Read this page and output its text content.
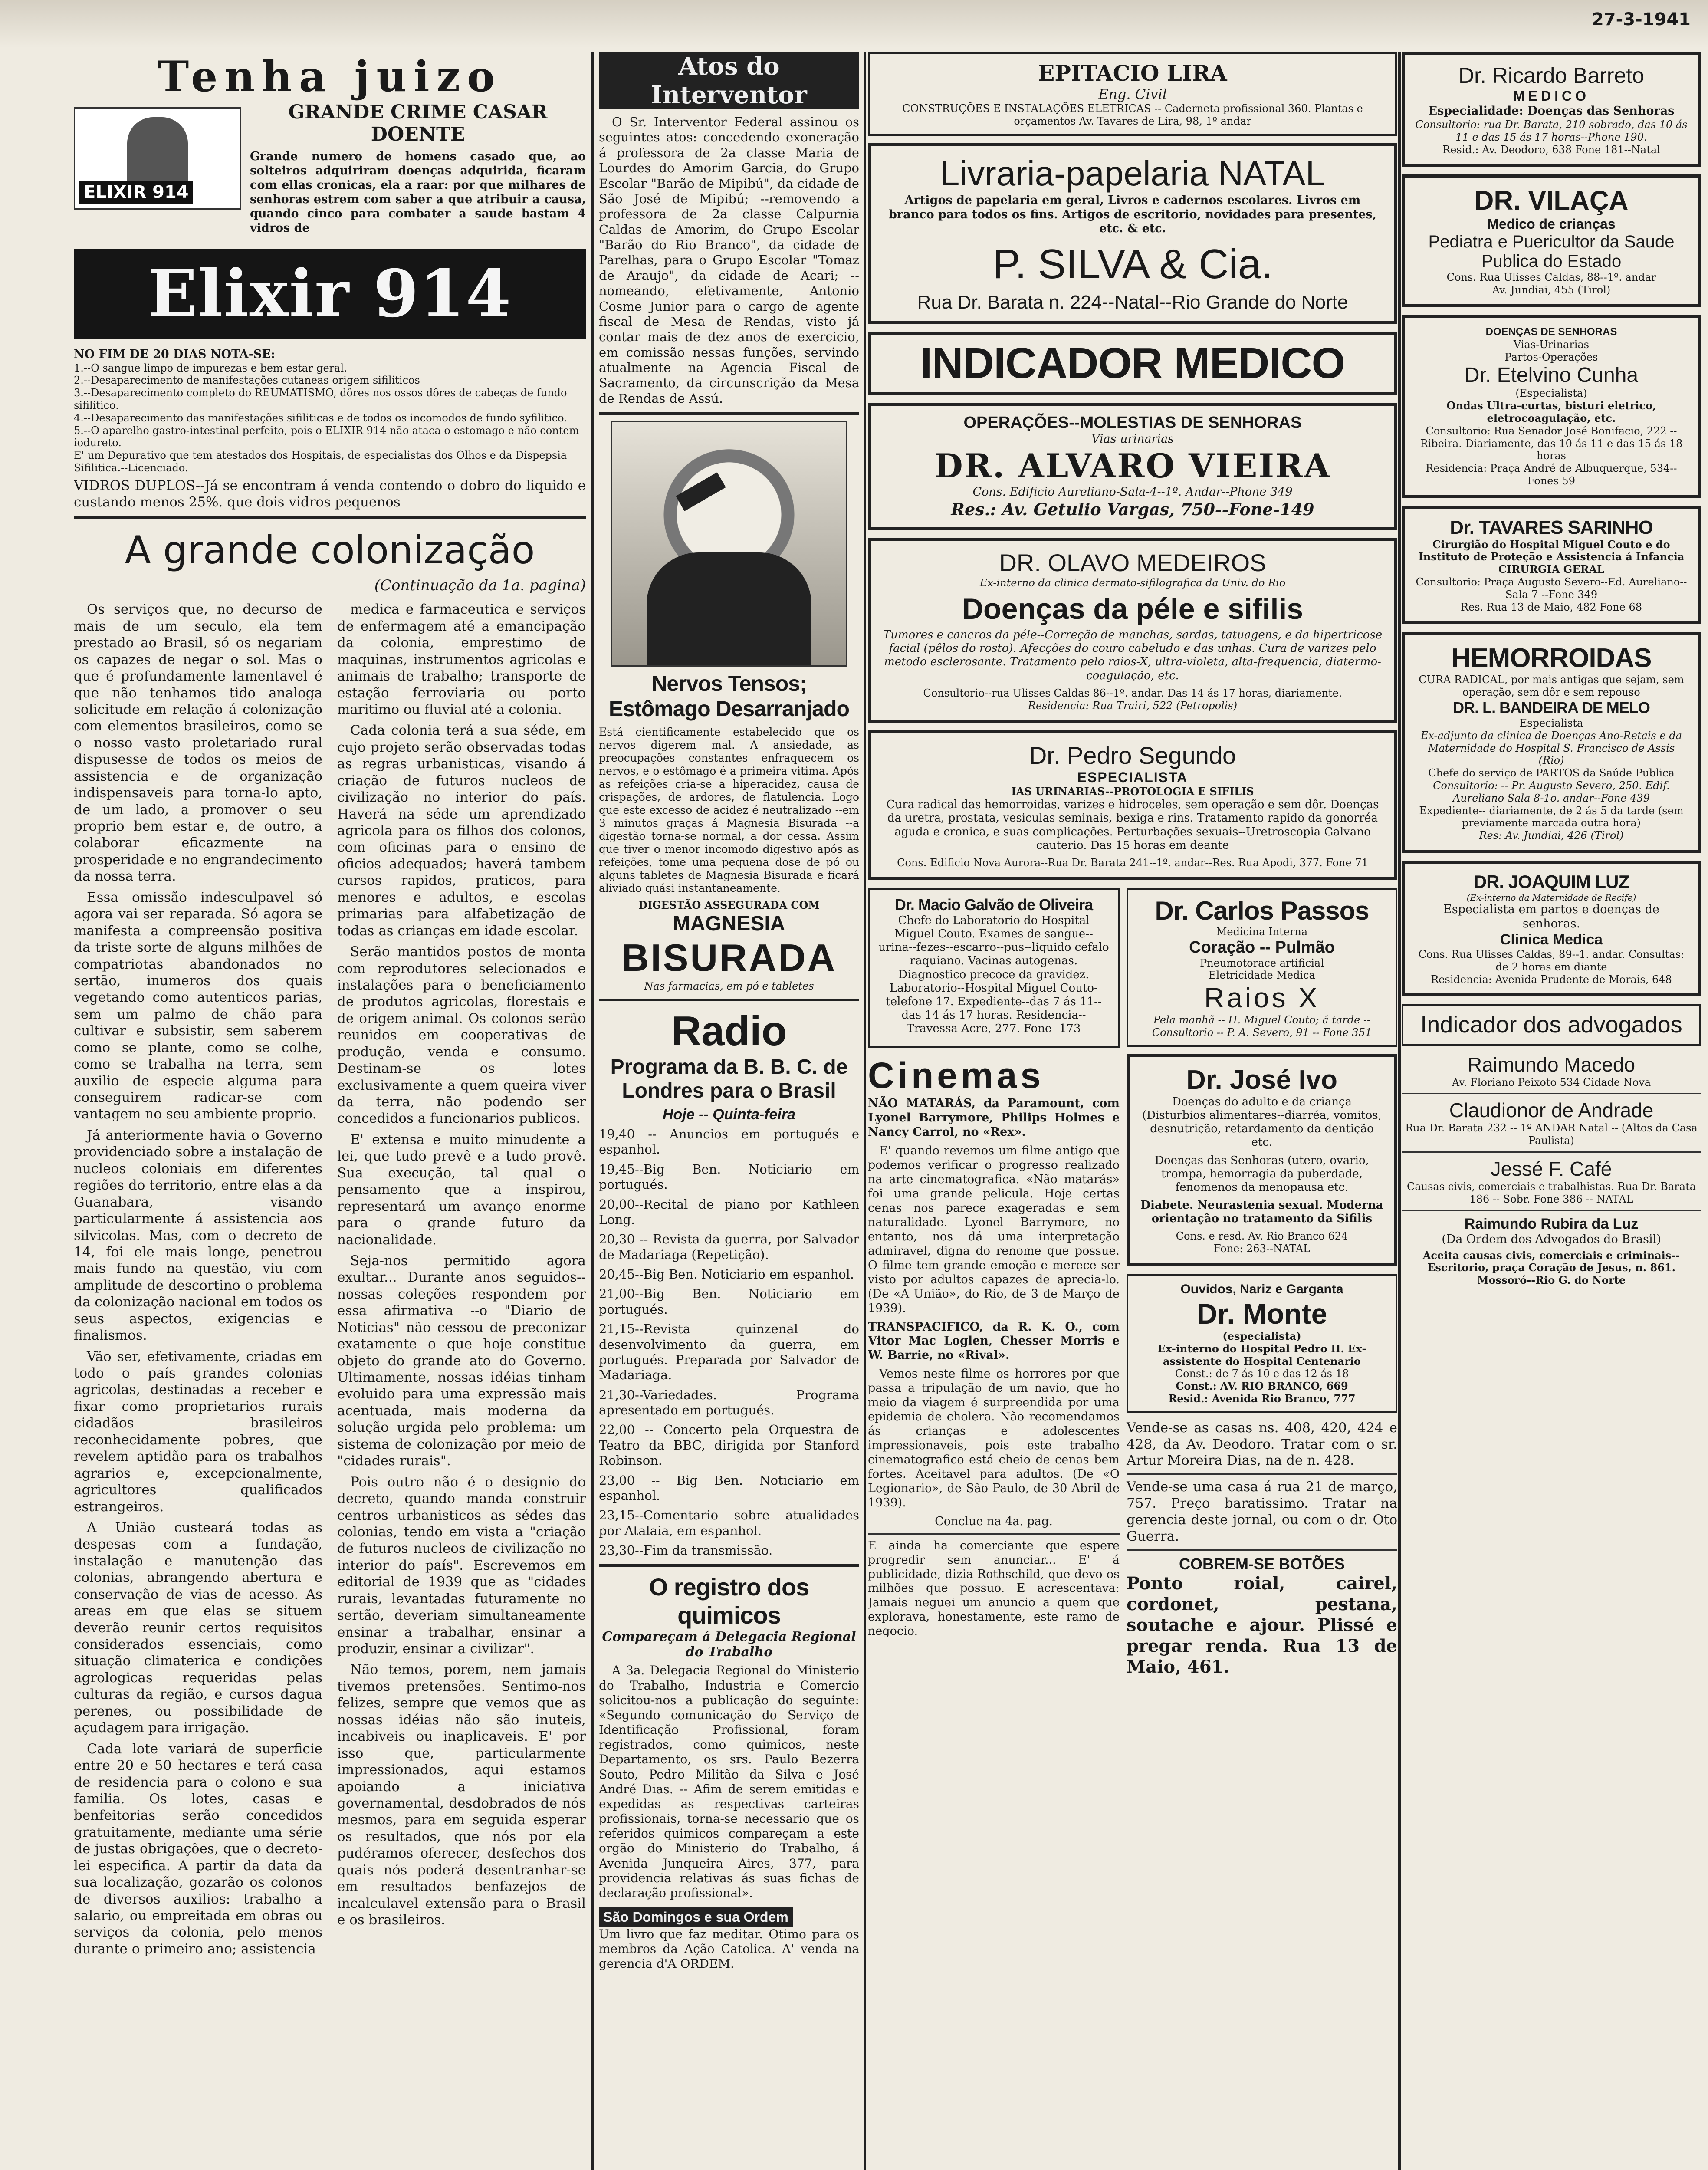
27-3-1941
Tenha juizo
ELIXIR 914
GRANDE CRIME CASAR
DOENTE

Grande numero de homens casado que, ao solteiros adquiriram doenças adquirida, ficaram com ellas cronicas, ela a raar: por que milhares de senhoras estrem com saber a que atribuir a causa, quando cinco para combater a saude bastam 4 vidros de

Elixir 914
NO FIM DE 20 DIAS NOTA-SE:
1.--O sangue limpo de impurezas e bem estar geral.
2.--Desaparecimento de manifestações cutaneas origem sifiliticos
3.--Desaparecimento completo do REUMATISMO, dôres nos ossos dôres de cabeças de fundo sifilitico.
4.--Desaparecimento das manifestações sifiliticas e de todos os incomodos de fundo syfilitico.
5.--O aparelho gastro-intestinal perfeito, pois o ELIXIR 914 não ataca o estomago e não contem iodureto.
E' um Depurativo que tem atestados dos Hospitais, de especialistas dos Olhos e da Dispepsia Sifilitica.--Licenciado.

VIDROS DUPLOS--Já se encontram á venda contendo o dobro do liquido e custando menos 25%. que dois vidros pequenos

A grande colonização
(Continuação da 1a. pagina)

Os serviços que, no decurso de mais de um seculo, ela tem prestado ao Brasil, só os negariam os capazes de negar o sol. Mas o que é profundamente lamentavel é que não tenhamos tido analoga solicitude em relação á colonização com elementos brasileiros, como se o nosso vasto proletariado rural dispusesse de todos os meios de assistencia e de organização indispensaveis para torna-lo apto, de um lado, a promover o seu proprio bem estar e, de outro, a colaborar eficazmente na prosperidade e no engrandecimento da nossa terra.

Essa omissão indesculpavel só agora vai ser reparada. Só agora se manifesta a compreensão positiva da triste sorte de alguns milhões de compatriotas abandonados no sertão, inumeros dos quais vegetando como autenticos parias, sem um palmo de chão para cultivar e subsistir, sem saberem como se plante, como se colhe, como se trabalha na terra, sem auxilio de especie alguma para conseguirem radicar-se com vantagem no seu ambiente proprio.

Já anteriormente havia o Governo providenciado sobre a instalação de nucleos coloniais em diferentes regiões do territorio, entre elas a da Guanabara, visando particularmente á assistencia aos silvicolas. Mas, com o decreto de 14, foi ele mais longe, penetrou mais fundo na questão, viu com amplitude de descortino o problema da colonização nacional em todos os seus aspectos, exigencias e finalismos.

Vão ser, efetivamente, criadas em todo o país grandes colonias agricolas, destinadas a receber e fixar como proprietarios rurais cidadãos brasileiros reconhecidamente pobres, que revelem aptidão para os trabalhos agrarios e, excepcionalmente, agricultores qualificados estrangeiros.

A União custeará todas as despesas com a fundação, instalação e manutenção das colonias, abrangendo abertura e conservação de vias de acesso. As areas em que elas se situem deverão reunir certos requisitos considerados essenciais, como situação climaterica e condições agrologicas requeridas pelas culturas da região, e cursos dagua perenes, ou possibilidade de açudagem para irrigação.

Cada lote variará de superficie entre 20 e 50 hectares e terá casa de residencia para o colono e sua familia. Os lotes, casas e benfeitorias serão concedidos gratuitamente, mediante uma série de justas obrigações, que o decreto-lei especifica. A partir da data da sua localização, gozarão os colonos de diversos auxilios: trabalho a salario, ou empreitada em obras ou serviços da colonia, pelo menos durante o primeiro ano; assistencia

medica e farmaceutica e serviços de enfermagem até a emancipação da colonia, emprestimo de maquinas, instrumentos agricolas e animais de trabalho; transporte de estação ferroviaria ou porto maritimo ou fluvial até a colonia.

Cada colonia terá a sua séde, em cujo projeto serão observadas todas as regras urbanisticas, visando á criação de futuros nucleos de civilização no interior do país. Haverá na séde um aprendizado agricola para os filhos dos colonos, com oficinas para o ensino de oficios adequados; haverá tambem cursos rapidos, praticos, para menores e adultos, e escolas primarias para alfabetização de todas as crianças em idade escolar.

Serão mantidos postos de monta com reprodutores selecionados e instalações para o beneficiamento de produtos agricolas, florestais e de origem animal. Os colonos serão reunidos em cooperativas de produção, venda e consumo. Destinam-se os lotes exclusivamente a quem queira viver da terra, não podendo ser concedidos a funcionarios publicos.

E' extensa e muito minudente a lei, que tudo prevê e a tudo provê. Sua execução, tal qual o pensamento que a inspirou, representará um avanço enorme para o grande futuro da nacionalidade.

Seja-nos permitido agora exultar... Durante anos seguidos--nossas coleções respondem por essa afirmativa --o "Diario de Noticias" não cessou de preconizar exatamente o que hoje constitue objeto do grande ato do Governo. Ultimamente, nossas idéias tinham evoluido para uma expressão mais acentuada, mais moderna da solução urgida pelo problema: um sistema de colonização por meio de "cidades rurais".

Pois outro não é o designio do decreto, quando manda construir centros urbanisticos as sédes das colonias, tendo em vista a "criação de futuros nucleos de civilização no interior do país". Escrevemos em editorial de 1939 que as "cidades rurais, levantadas futuramente no sertão, deveriam simultaneamente ensinar a trabalhar, ensinar a produzir, ensinar a civilizar".

Não temos, porem, nem jamais tivemos pretensões. Sentimo-nos felizes, sempre que vemos que as nossas idéias não são inuteis, incabiveis ou inaplicaveis. E' por isso que, particularmente impressionados, aqui estamos apoiando a iniciativa governamental, desdobrados de nós mesmos, para em seguida esperar os resultados, que nós por ela pudéramos oferecer, desfechos dos quais nós poderá desentranhar-se em resultados benfazejos de incalculavel extensão para o Brasil e os brasileiros.

Atos do Interventor

O Sr. Interventor Federal assinou os seguintes atos: concedendo exoneração á professora de 2a classe Maria de Lourdes do Amorim Garcia, do Grupo Escolar "Barão de Mipibú", da cidade de São José de Mipibú; --removendo a professora de 2a classe Calpurnia Caldas de Amorim, do Grupo Escolar "Barão do Rio Branco", da cidade de Parelhas, para o Grupo Escolar "Tomaz de Araujo", da cidade de Acari; --nomeando, efetivamente, Antonio Cosme Junior para o cargo de agente fiscal de Mesa de Rendas, visto já contar mais de dez anos de exercicio, em comissão nessas funções, servindo atualmente na Agencia Fiscal de Sacramento, da circunscrição da Mesa de Rendas de Assú.

Nervos Tensos;
Estômago Desarranjado

Está cientificamente estabelecido que os nervos digerem mal. A ansiedade, as preocupações constantes enfraquecem os nervos, e o estômago é a primeira vitima. Após as refeições cria-se a hiperacidez, causa de crispações, de ardores, de flatulencia. Logo que este excesso de acidez é neutralizado --em 3 minutos graças á Magnesia Bisurada --a digestão torna-se normal, a dor cessa. Assim que tiver o menor incomodo digestivo após as refeições, tome uma pequena dose de pó ou alguns tabletes de Magnesia Bisurada e ficará aliviado quási instantaneamente.

DIGESTÃO ASSEGURADA COM
MAGNESIA
BISURADA
Nas farmacias, em pó e tabletes
Radio
Programa da B. B. C. de Londres para o Brasil
Hoje -- Quinta-feira

19,40 -- Anuncios em portugués e espanhol.

19,45--Big Ben. Noticiario em portugués.

20,00--Recital de piano por Kathleen Long.

20,30 -- Revista da guerra, por Salvador de Madariaga (Repetição).

20,45--Big Ben. Noticiario em espanhol.

21,00--Big Ben. Noticiario em portugués.

21,15--Revista quinzenal do desenvolvimento da guerra, em portugués. Preparada por Salvador de Madariaga.

21,30--Variedades. Programa apresentado em portugués.

22,00 -- Concerto pela Orquestra de Teatro da BBC, dirigida por Stanford Robinson.

23,00 -- Big Ben. Noticiario em espanhol.

23,15--Comentario sobre atualidades por Atalaia, em espanhol.

23,30--Fim da transmissão.

O registro dos quimicos
Compareçam á Delegacia Regional do Trabalho

A 3a. Delegacia Regional do Ministerio do Trabalho, Industria e Comercio solicitou-nos a publicação do seguinte: «Segundo comunicação do Serviço de Identificação Profissional, foram registrados, como quimicos, neste Departamento, os srs. Paulo Bezerra Souto, Pedro Militão da Silva e José André Dias. -- Afim de serem emitidas e expedidas as respectivas carteiras profissionais, torna-se necessario que os referidos quimicos compareçam a este orgão do Ministerio do Trabalho, á Avenida Junqueira Aires, 377, para providencia relativas ás suas fichas de declaração profissional».

São Domingos e sua Ordem

Um livro que faz meditar. Otimo para os membros da Ação Catolica. A' venda na gerencia d'A ORDEM.

EPITACIO LIRA
Eng. Civil
CONSTRUÇÕES E INSTALAÇÕES ELETRICAS -- Caderneta profissional 360. Plantas e orçamentos Av. Tavares de Lira, 98, 1º andar
Livraria-papelaria NATAL

Artigos de papelaria em geral, Livros e cadernos escolares. Livros em branco para todos os fins. Artigos de escritorio, novidades para presentes, etc. & etc.

P. SILVA & Cia.
Rua Dr. Barata n. 224--Natal--Rio Grande do Norte
INDICADOR MEDICO
OPERAÇÕES--MOLESTIAS DE SENHORAS
Vias urinarias
DR. ALVARO VIEIRA
Cons. Edificio Aureliano-Sala-4--1º. Andar--Phone 349
Res.: Av. Getulio Vargas, 750--Fone-149
DR. OLAVO MEDEIROS
Ex-interno da clinica dermato-sifilografica da Univ. do Rio
Doenças da péle e sifilis

Tumores e cancros da péle--Correção de manchas, sardas, tatuagens, e da hipertricose facial (pêlos do rosto). Afecções do couro cabeludo e das unhas. Cura de varizes pelo metodo esclerosante. Tratamento pelo raios-X, ultra-violeta, alta-frequencia, diatermo-coagulação, etc.

Consultorio--rua Ulisses Caldas 86--1º. andar. Das 14 ás 17 horas, diariamente.
Residencia: Rua Trairi, 522 (Petropolis)
Dr. Pedro Segundo
ESPECIALISTA
IAS URINARIAS--PROTOLOGIA E SIFILIS

Cura radical das hemorroidas, varizes e hidroceles, sem operação e sem dôr. Doenças da uretra, prostata, vesiculas seminais, bexiga e rins. Tratamento rapido da gonorréa aguda e cronica, e suas complicações. Perturbações sexuais--Uretroscopia Galvano cauterio. Das 15 horas em deante

Cons. Edificio Nova Aurora--Rua Dr. Barata 241--1º. andar--Res. Rua Apodi, 377. Fone 71
Dr. Macio Galvão de Oliveira

Chefe do Laboratorio do Hospital Miguel Couto. Exames de sangue--urina--fezes--escarro--pus--liquido cefalo raquiano. Vacinas autogenas. Diagnostico precoce da gravidez. Laboratorio--Hospital Miguel Couto-telefone 17. Expediente--das 7 ás 11--das 14 ás 17 horas. Residencia--Travessa Acre, 277. Fone--173

Cinemas

NÃO MATARÁS, da Paramount, com Lyonel Barrymore, Philips Holmes e Nancy Carrol, no «Rex».

E' quando revemos um filme antigo que podemos verificar o progresso realizado na arte cinematografica. «Não matarás» foi uma grande pelicula. Hoje certas cenas nos parece exageradas e sem naturalidade. Lyonel Barrymore, no entanto, nos dá uma interpretação admiravel, digna do renome que possue. O filme tem grande emoção e merece ser visto por adultos capazes de aprecia-lo. (De «A União», do Rio, de 3 de Março de 1939).

TRANSPACIFICO, da R. K. O., com Vitor Mac Loglen, Chesser Morris e W. Barrie, no «Rival».

Vemos neste filme os horrores por que passa a tripulação de um navio, que ho meio da viagem é surpreendida por uma epidemia de cholera. Não recomendamos ás crianças e adolescentes impressionaveis, pois este trabalho cinematografico está cheio de cenas bem fortes. Aceitavel para adultos. (De «O Legionario», de São Paulo, de 30 Abril de 1939).

Conclue na 4a. pag.

E ainda ha comerciante que espere progredir sem anunciar... E' á publicidade, dizia Rothschild, que devo os milhões que possuo. E acrescentava: Jamais neguei um anuncio a quem que explorava, honestamente, este ramo de negocio.

Dr. Carlos Passos
Medicina Interna
Coração -- Pulmão
Pneumotorace artificial
Eletricidade Medica
Raios X
Pela manhã -- H. Miguel Couto; á tarde -- Consultorio -- P. A. Severo, 91 -- Fone 351
Dr. José Ivo

Doenças do adulto e da criança (Disturbios alimentares--diarréa, vomitos, desnutrição, retardamento da dentição etc.

Doenças das Senhoras (utero, ovario, trompa, hemorragia da puberdade, fenomenos da menopausa etc.

Diabete. Neurastenia sexual. Moderna orientação no tratamento da Sifilis

Cons. e resd. Av. Rio Branco 624
Fone: 263--NATAL
Ouvidos, Nariz e Garganta
Dr. Monte
(especialista)
Ex-interno do Hospital Pedro II. Ex-assistente do Hospital Centenario
Const.: de 7 ás 10 e das 12 ás 18
Const.: AV. RIO BRANCO, 669
Resid.: Avenida Rio Branco, 777

Vende-se as casas ns. 408, 420, 424 e 428, da Av. Deodoro. Tratar com o sr. Artur Moreira Dias, na de n. 428.

Vende-se uma casa á rua 21 de março, 757. Preço baratissimo. Tratar na gerencia deste jornal, ou com o dr. Oto Guerra.

COBREM-SE BOTÕES

Ponto roial, cairel, cordonet, pestana, soutache e ajour. Plissé e pregar renda. Rua 13 de Maio, 461.

Dr. Ricardo Barreto
MEDICO
Especialidade: Doenças das Senhoras
Consultorio: rua Dr. Barata, 210 sobrado, das 10 ás 11 e das 15 ás 17 horas--Phone 190.
Resid.: Av. Deodoro, 638 Fone 181--Natal
DR. VILAÇA
Medico de crianças
Pediatra e Puericultor da Saude Publica do Estado
Cons. Rua Ulisses Caldas, 88--1º. andar
Av. Jundiai, 455 (Tirol)
DOENÇAS DE SENHORAS
Vias-Urinarias
Partos-Operações
Dr. Etelvino Cunha
(Especialista)
Ondas Ultra-curtas, bisturi eletrico, eletrocoagulação, etc.
Consultorio: Rua Senador José Bonifacio, 222 -- Ribeira. Diariamente, das 10 ás 11 e das 15 ás 18 horas
Residencia: Praça André de Albuquerque, 534--Fones 59
Dr. TAVARES SARINHO
Cirurgião do Hospital Miguel Couto e do Instituto de Proteção e Assistencia á Infancia
CIRURGIA GERAL
Consultorio: Praça Augusto Severo--Ed. Aureliano--Sala 7 --Fone 349
Res. Rua 13 de Maio, 482 Fone 68
HEMORROIDAS
CURA RADICAL, por mais antigas que sejam, sem operação, sem dôr e sem repouso
DR. L. BANDEIRA DE MELO
Especialista
Ex-adjunto da clinica de Doenças Ano-Retais e da Maternidade do Hospital S. Francisco de Assis (Rio)
Chefe do serviço de PARTOS da Saúde Publica
Consultorio: -- Pr. Augusto Severo, 250. Edif. Aureliano Sala 8-1o. andar--Fone 439
Expediente-- diariamente, de 2 ás 5 da tarde (sem previamente marcada outra hora)
Res: Av. Jundiai, 426 (Tirol)
DR. JOAQUIM LUZ
(Ex-interno da Maternidade de Recife)
Especialista em partos e doenças de senhoras.
Clinica Medica
Cons. Rua Ulisses Caldas, 89--1. andar. Consultas: de 2 horas em diante
Residencia: Avenida Prudente de Morais, 648
Indicador dos advogados
Raimundo Macedo
Av. Floriano Peixoto 534 Cidade Nova
Claudionor de Andrade
Rua Dr. Barata 232 -- 1º ANDAR Natal -- (Altos da Casa Paulista)
Jessé F. Café
Causas civis, comerciais e trabalhistas. Rua Dr. Barata 186 -- Sobr. Fone 386 -- NATAL
Raimundo Rubira da Luz
(Da Ordem dos Advogados do Brasil)
Aceita causas civis, comerciais e criminais--Escritorio, praça Coração de Jesus, n. 861. Mossoró--Rio G. do Norte
